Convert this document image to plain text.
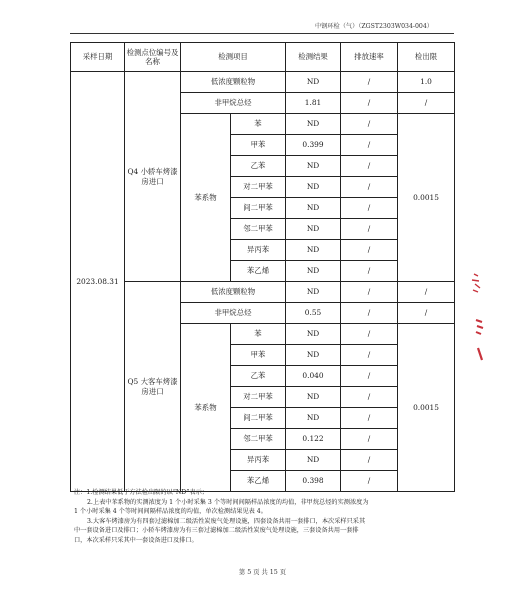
中钢环检（气）（ZGST2303W034-004）
采样日期	检测点位编号及名称	检测项目		检测结果	排放速率	检出限
2023.08.31	Q4 小轿车烤漆房进口	低浓度颗粒物		ND	/	1.0
		非甲烷总烃		1.81	/	/
		苯系物	苯	ND	/	0.0015
			甲苯	0.399	/	
			乙苯	ND	/	
			对二甲苯	ND	/	
			间二甲苯	ND	/	
			邻二甲苯	ND	/	
			异丙苯	ND	/	
			苯乙烯	ND	/	
	Q5 大客车烤漆房进口	低浓度颗粒物		ND	/	/
		非甲烷总烃		0.55	/	/
		苯系物	苯	ND	/	0.0015
			甲苯	ND	/	
			乙苯	0.040	/	
			对二甲苯	ND	/	
			间二甲苯	ND	/	
			邻二甲苯	0.122	/	
			异丙苯	ND	/	
			苯乙烯	0.398	/	
注：1.检测结果低于方法检出限的以“ND”表示；
2.上表中苯系物的实测浓度为 1 个小时采集 3 个等时间间隔样品浓度的均值，非甲烷总烃的实测浓度为
1 个小时采集 4 个等时间间隔样品浓度的均值，单次检测结果见表 4。
3.大客车烤漆房为有四套过滤棉加二级活性炭废气处理设施，四套设备共用一套排口，本次采样只采其
中一套设备进口及排口；小轿车烤漆房为有三套过滤棉加二级活性炭废气处理设施，三套设备共用一套排
口，本次采样只采其中一套设备进口及排口。
第 5 页 共 15 页
